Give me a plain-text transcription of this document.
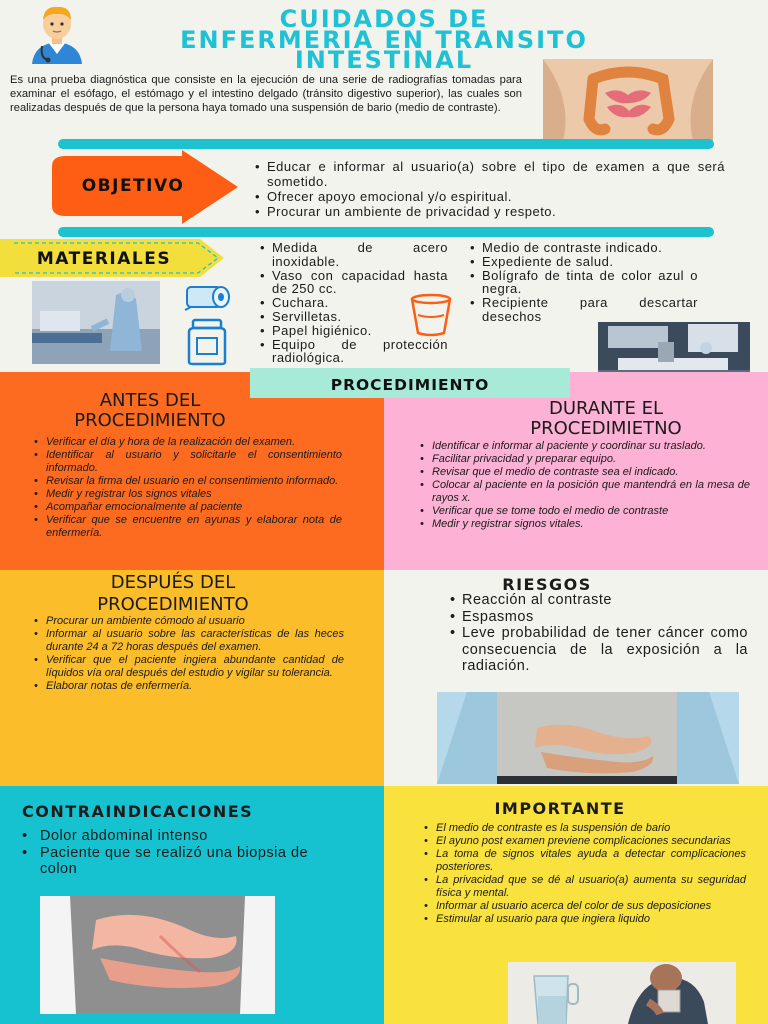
CUIDADOS DE
ENFERMERIA EN TRANSITO
INTESTINAL

Es una prueba diagnóstica que consiste en la ejecución de una serie de radiografías tomadas para examinar el esófago, el estómago y el intestino delgado (tránsito digestivo superior), las cuales son realizadas después de que la persona haya tomado una suspensión de bario (medio de contraste).

OBJETIVO
• Educar e informar al usuario(a) sobre el tipo de examen a que será sometido.
• Ofrecer apoyo emocional y/o espiritual.
• Procurar un ambiente de privacidad y respeto.
MATERIALES
• Medida de acero inoxidable.
• Vaso con capacidad hasta de 250 cc.
• Cuchara.
• Servilletas.
• Papel higiénico.
• Equipo de protección radiológica.
• Medio de contraste indicado.
• Expediente de salud.
• Bolígrafo de tinta de color azul o negra.
• Recipiente para descartar desechos
PROCEDIMIENTO
ANTES DEL
PROCEDIMIENTO
• Verificar el día y hora de la realización del examen.
• Identificar al usuario y solicitarle el consentimiento informado.
• Revisar la firma del usuario en el consentimiento informado.
• Medir y registrar los signos vitales
• Acompañar emocionalmente al paciente
• Verificar que se encuentre en ayunas y elaborar nota de enfermería.
DURANTE EL
PROCEDIMIETNO
• Identificar e informar al paciente y coordinar su traslado.
• Facilitar privacidad y preparar equipo.
• Revisar que el medio de contraste sea el indicado.
• Colocar al paciente en la posición que mantendrá en la mesa de rayos x.
• Verificar que se tome todo el medio de contraste
• Medir y registrar signos vitales.
DESPUÉS DEL
PROCEDIMIENTO
• Procurar un ambiente cómodo al usuario
• Informar al usuario sobre las características de las heces durante 24 a 72 horas después del examen.
• Verificar que el paciente ingiera abundante cantidad de líquidos vía oral después del estudio y vigilar su tolerancia.
• Elaborar notas de enfermería.
RIESGOS
• Reacción al contraste
• Espasmos
• Leve probabilidad de tener cáncer como consecuencia de la exposición a la radiación.
CONTRAINDICACIONES
• Dolor abdominal intenso
• Paciente que se realizó una biopsia de colon
IMPORTANTE
• El medio de contraste es la suspensión de bario
• El ayuno post examen previene complicaciones secundarias
• La toma de signos vitales ayuda a detectar complicaciones posteriores.
• La privacidad que se dé al usuario(a) aumenta su seguridad física y mental.
• Informar al usuario acerca del color de sus deposiciones
• Estimular al usuario para que ingiera liquido
